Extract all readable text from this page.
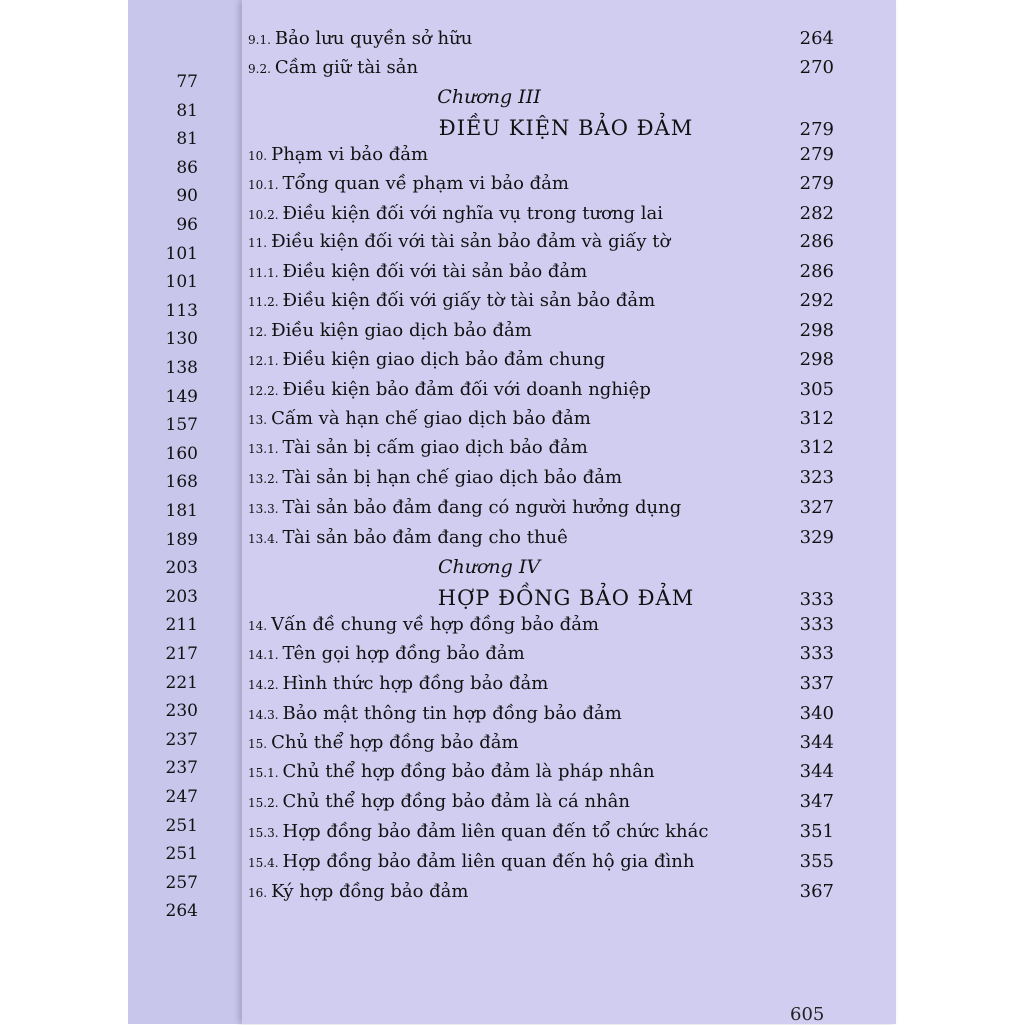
77
81
81
86
90
96
101
101
113
130
138
149
157
160
168
181
189
203
203
211
217
221
230
237
237
247
251
251
257
264
9.1. Bảo lưu quyền sở hữu	264
9.2. Cầm giữ tài sản	270
Chương III
ĐIỀU KIỆN BẢO ĐẢM	279
10. Phạm vi bảo đảm	279
10.1. Tổng quan về phạm vi bảo đảm	279
10.2. Điều kiện đối với nghĩa vụ trong tương lai	282
11. Điều kiện đối với tài sản bảo đảm và giấy tờ	286
11.1. Điều kiện đối với tài sản bảo đảm	286
11.2. Điều kiện đối với giấy tờ tài sản bảo đảm	292
12. Điều kiện giao dịch bảo đảm	298
12.1. Điều kiện giao dịch bảo đảm chung	298
12.2. Điều kiện bảo đảm đối với doanh nghiệp	305
13. Cấm và hạn chế giao dịch bảo đảm	312
13.1. Tài sản bị cấm giao dịch bảo đảm	312
13.2. Tài sản bị hạn chế giao dịch bảo đảm	323
13.3. Tài sản bảo đảm đang có người hưởng dụng	327
13.4. Tài sản bảo đảm đang cho thuê	329
Chương IV
HỢP ĐỒNG BẢO ĐẢM	333
14. Vấn đề chung về hợp đồng bảo đảm	333
14.1. Tên gọi hợp đồng bảo đảm	333
14.2. Hình thức hợp đồng bảo đảm	337
14.3. Bảo mật thông tin hợp đồng bảo đảm	340
15. Chủ thể hợp đồng bảo đảm	344
15.1. Chủ thể hợp đồng bảo đảm là pháp nhân	344
15.2. Chủ thể hợp đồng bảo đảm là cá nhân	347
15.3. Hợp đồng bảo đảm liên quan đến tổ chức khác	351
15.4. Hợp đồng bảo đảm liên quan đến hộ gia đình	355
16. Ký hợp đồng bảo đảm	367
605
